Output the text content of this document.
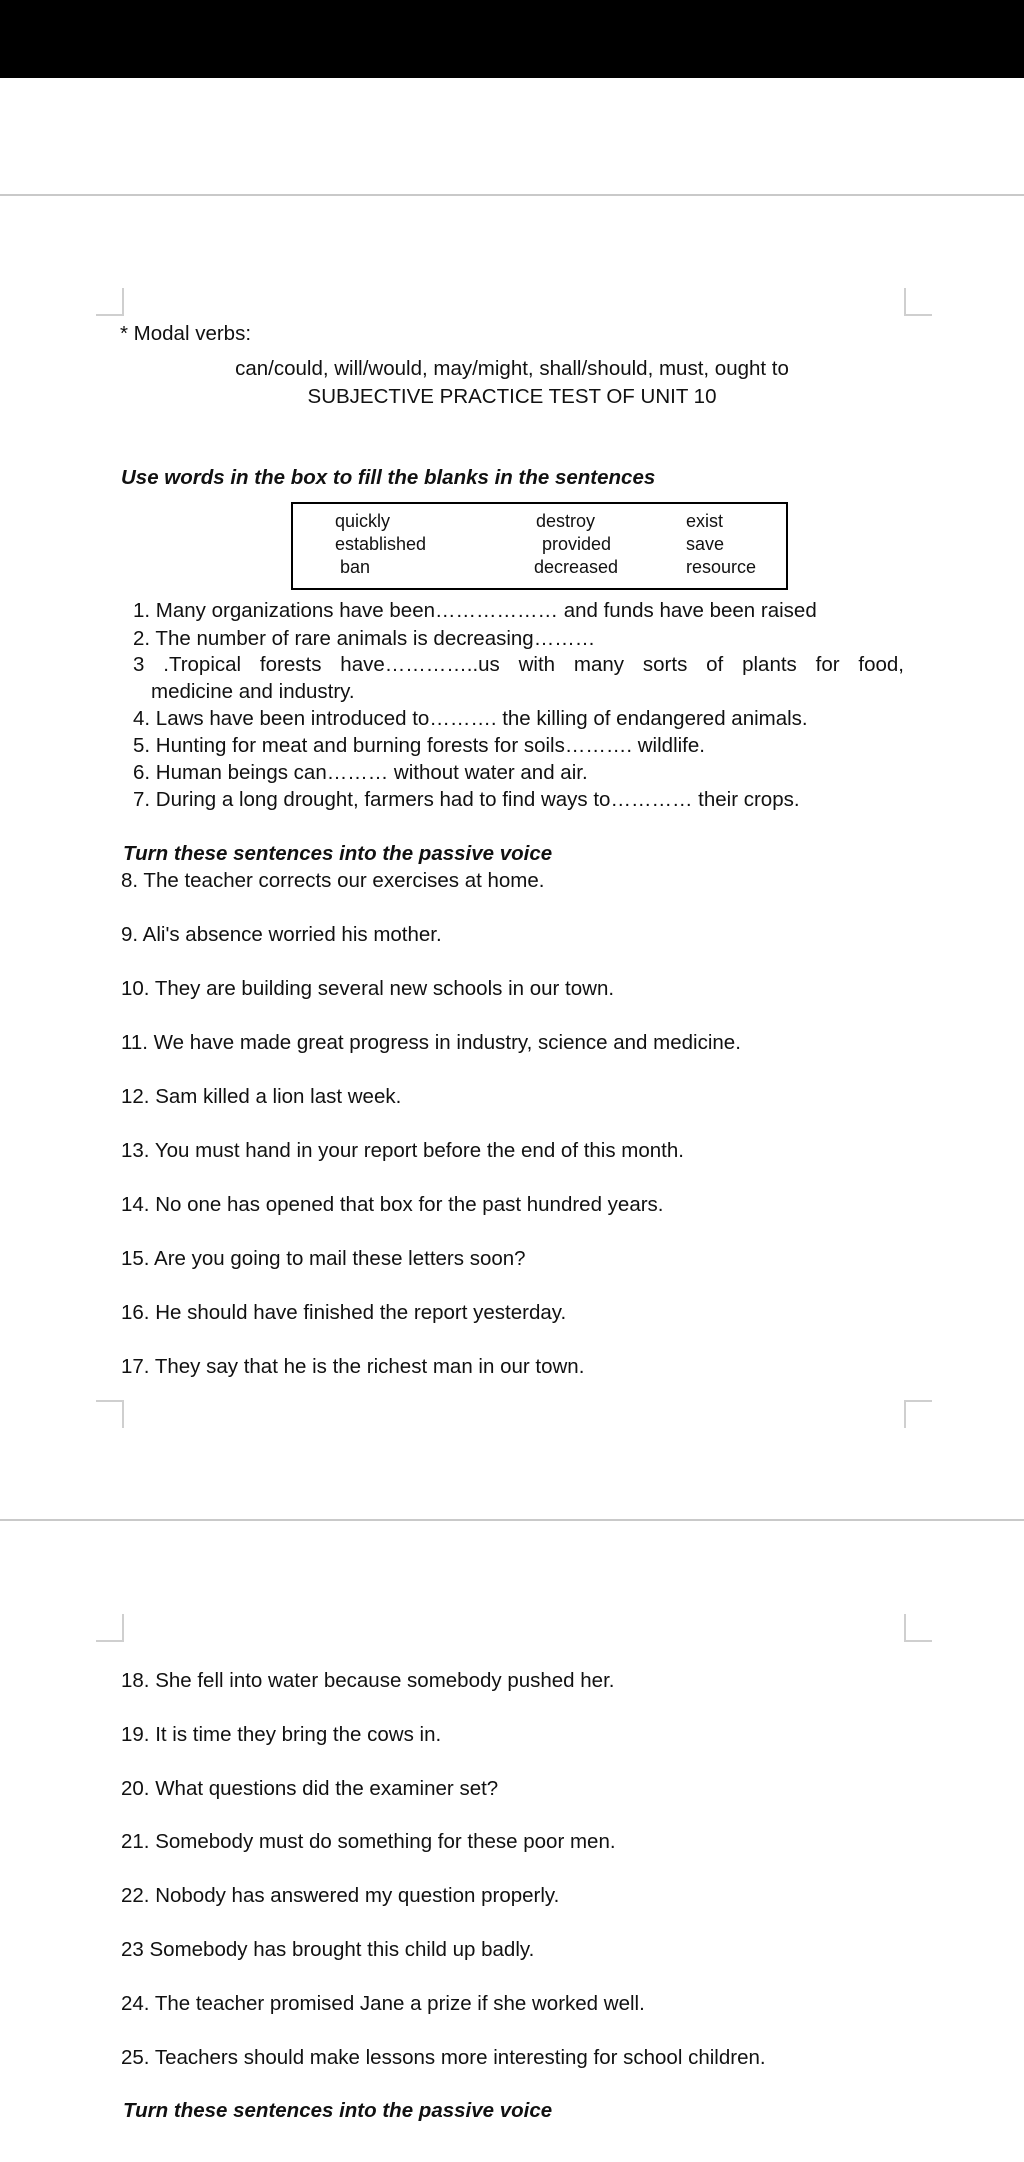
* Modal verbs:
can/could, will/would, may/might, shall/should, must, ought to
SUBJECTIVE PRACTICE TEST OF UNIT 10
Use words in the box to fill the blanks in the sentences
quickly	destroy	exist
established	provided	save
ban	decreased	resource
1. Many organizations have been……………… and funds have been raised
2. The number of rare animals is decreasing………
3 .Tropical forests have…………..us with many sorts of plants for food,
medicine and industry.
4. Laws have been introduced to………. the killing of endangered animals.
5. Hunting for meat and burning forests for soils………. wildlife.
6. Human beings can……… without water and air.
7. During a long drought, farmers had to find ways to………… their crops.
Turn these sentences into the passive voice
8. The teacher corrects our exercises at home.
9. Ali's absence worried his mother.
10. They are building several new schools in our town.
11. We have made great progress in industry, science and medicine.
12. Sam killed a lion last week.
13. You must hand in your report before the end of this month.
14. No one has opened that box for the past hundred years.
15. Are you going to mail these letters soon?
16. He should have finished the report yesterday.
17. They say that he is the richest man in our town.
18. She fell into water because somebody pushed her.
19. It is time they bring the cows in.
20. What questions did the examiner set?
21. Somebody must do something for these poor men.
22. Nobody has answered my question properly.
23 Somebody has brought this child up badly.
24. The teacher promised Jane a prize if she worked well.
25. Teachers should make lessons more interesting for school children.
Turn these sentences into the passive voice
